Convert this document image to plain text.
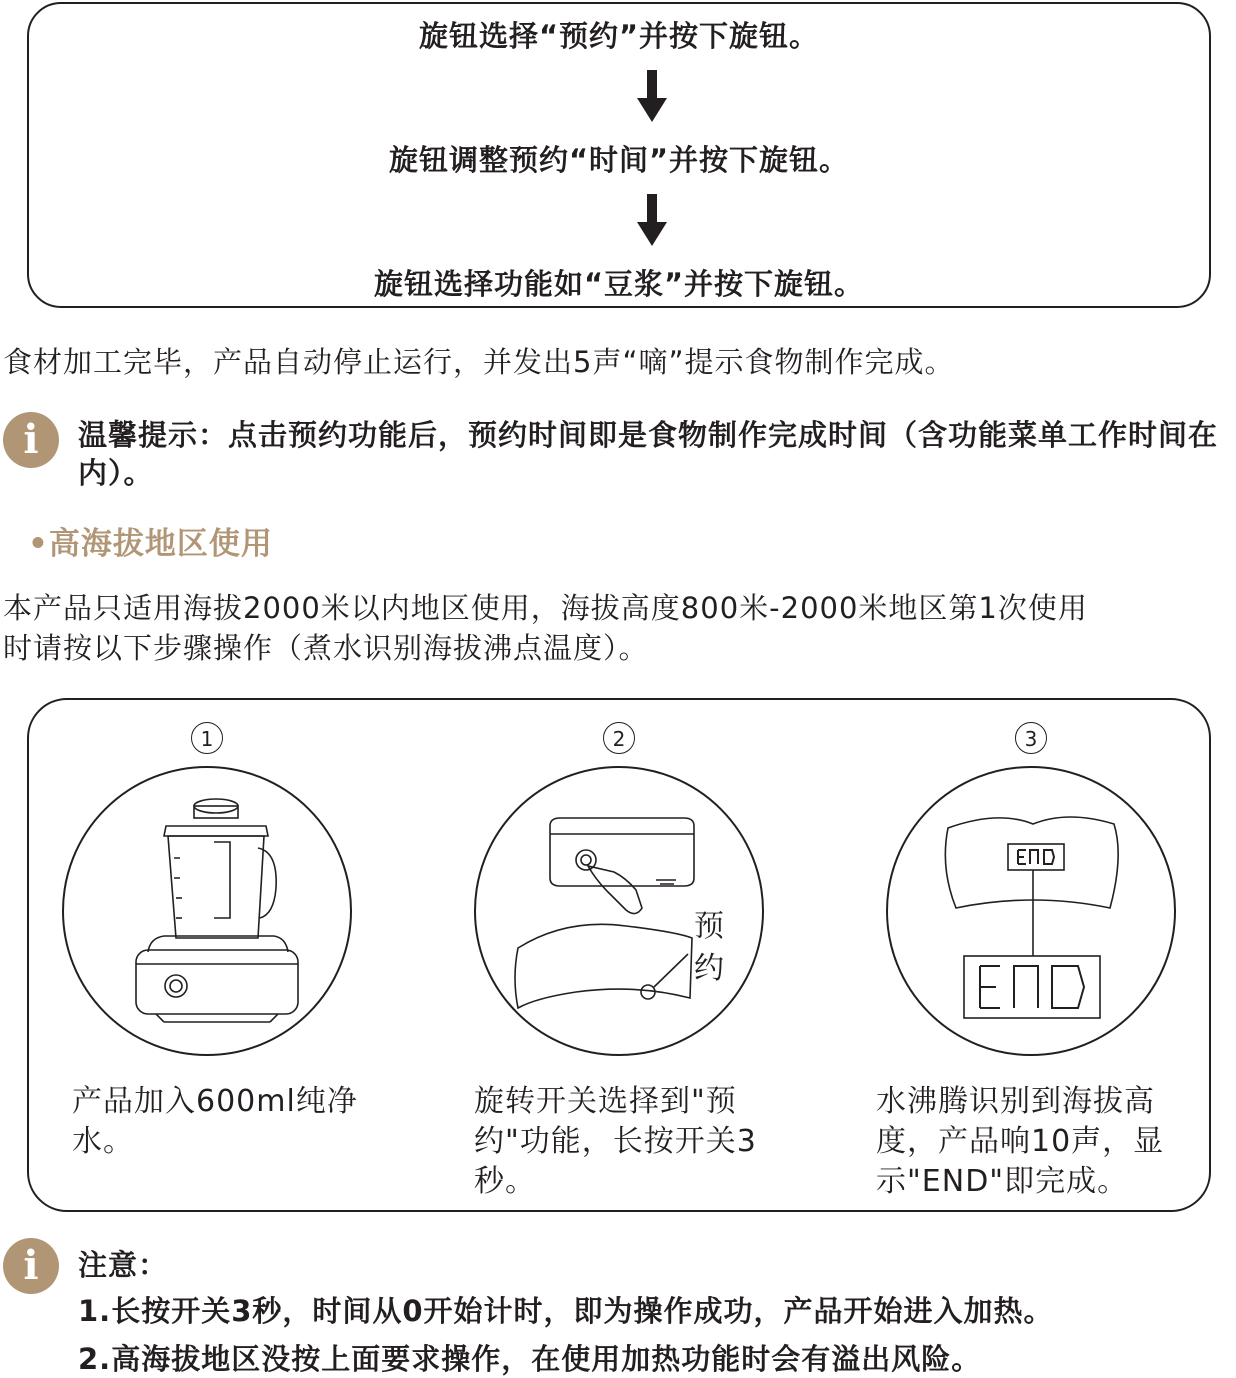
旋钮选择“预约”并按下旋钮。
旋钮调整预约“时间”并按下旋钮。
旋钮选择功能如“豆浆”并按下旋钮。
食材加工完毕，产品自动停止运行，并发出5声“嘀”提示食物制作完成。
i	温馨提示：点击预约功能后，预约时间即是食物制作完成时间（含功能菜单工作时间在内）。
•高海拔地区使用
本产品只适用海拔2000米以内地区使用，海拔高度800米-2000米地区第1次使用
时请按以下步骤操作（煮水识别海拔沸点温度）。
1	2	3
预
约
产品加入600ml纯净水。
旋转开关选择到"预约"功能，长按开关3秒。
水沸腾识别到海拔高度，产品响10声，显示"END"即完成。
i	注意：
1.长按开关3秒，时间从0开始计时，即为操作成功，产品开始进入加热。
2.高海拔地区没按上面要求操作，在使用加热功能时会有溢出风险。
